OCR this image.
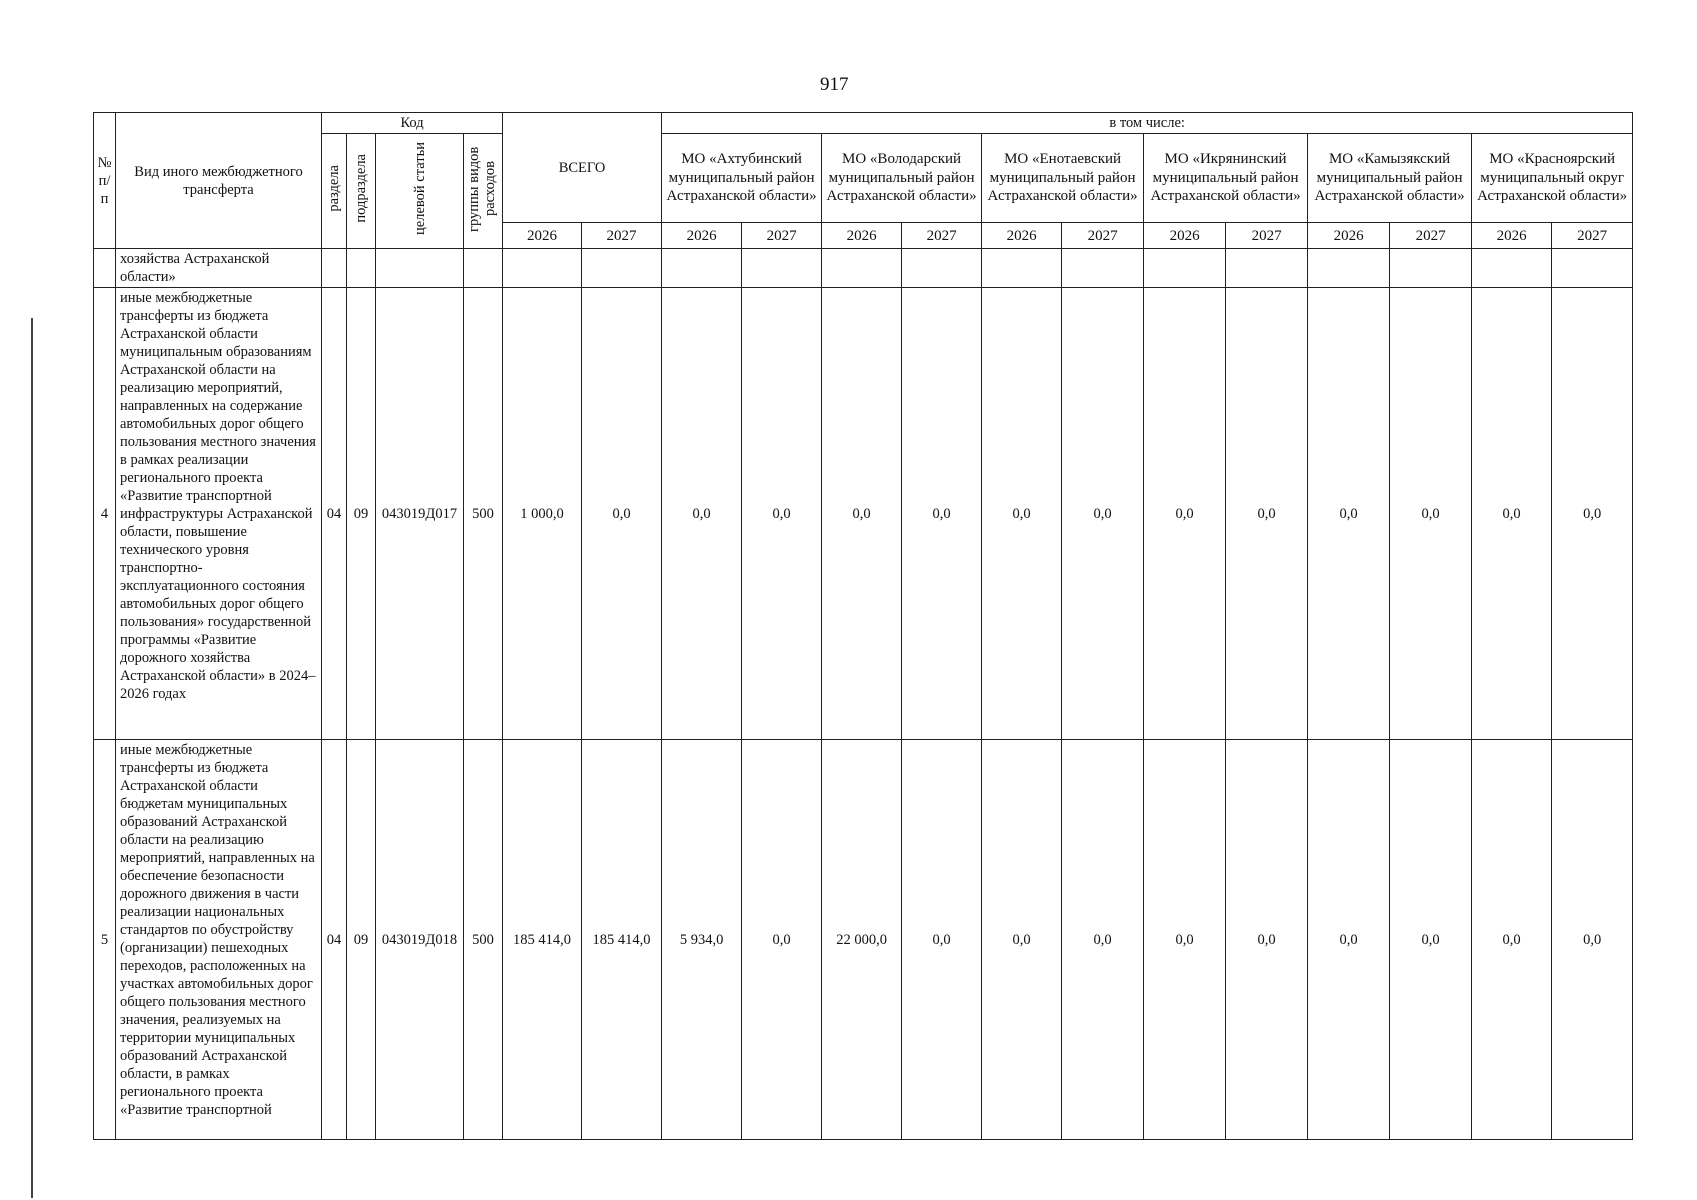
917
№ п/п	Вид иного межбюджетного трансферта	Код				ВСЕГО		в том числе:											
		раздела	подраздела	целевой статьи	группы видов расходов			МО «Ахтубинский муниципальный район Астраханской области»		МО «Володарский муниципальный район Астраханской области»		МО «Енотаевский муниципальный район Астраханской области»		МО «Икрянинский муниципальный район Астраханской области»		МО «Камызякский муниципальный район Астраханской области»		МО «Красноярский муниципальный округ Астраханской области»	
						2026	2027	2026	2027	2026	2027	2026	2027	2026	2027	2026	2027	2026	2027
	хозяйства Астраханской области»																		
4	иные межбюджетные трансферты из бюджета Астраханской области муниципальным образованиям Астраханской области на реализацию мероприятий, направленных на содержание автомобильных дорог общего пользования местного значения в рамках реализации регионального проекта «Развитие транспортной инфраструктуры Астраханской области, повышение технического уровня транспортно-эксплуатационного состояния автомобильных дорог общего пользования» государственной программы «Развитие дорожного хозяйства Астраханской области» в 2024–2026 годах	04	09	043019Д017	500	1 000,0	0,0	0,0	0,0	0,0	0,0	0,0	0,0	0,0	0,0	0,0	0,0	0,0	0,0
5	иные межбюджетные трансферты из бюджета Астраханской области бюджетам муниципальных образований Астраханской области на реализацию мероприятий, направленных на обеспечение безопасности дорожного движения в части реализации национальных стандартов по обустройству (организации) пешеходных переходов, расположенных на участках автомобильных дорог общего пользования местного значения, реализуемых на территории муниципальных образований Астраханской области, в рамках регионального проекта «Развитие транспортной	04	09	043019Д018	500	185 414,0	185 414,0	5 934,0	0,0	22 000,0	0,0	0,0	0,0	0,0	0,0	0,0	0,0	0,0	0,0
